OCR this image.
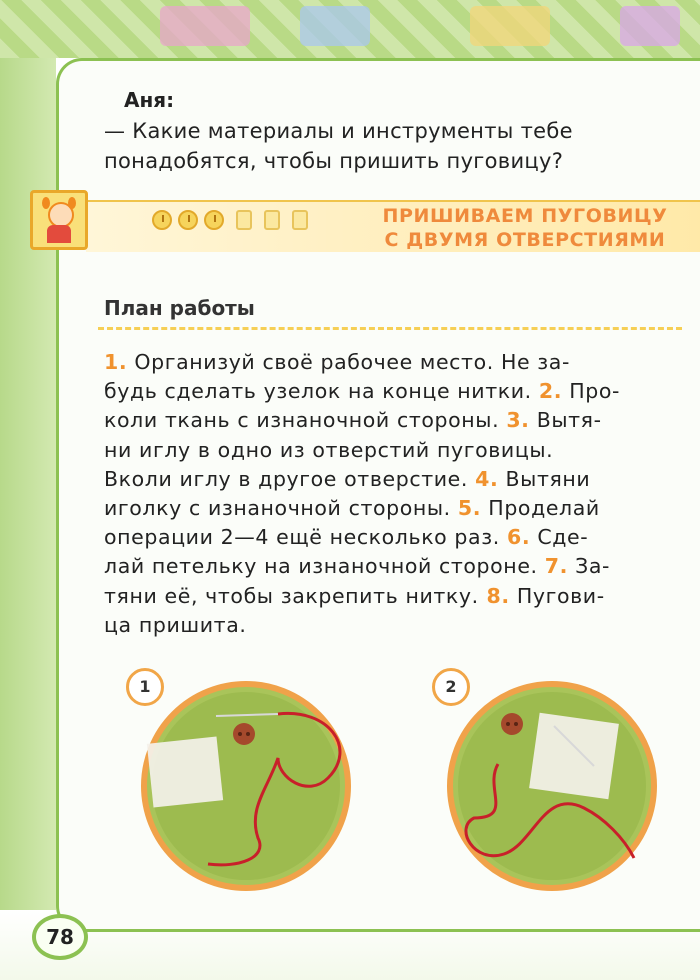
Аня:
— Какие материалы и инструменты тебе
понадобятся, чтобы пришить пуговицу?
ПРИШИВАЕМ ПУГОВИЦУ
С ДВУМЯ ОТВЕРСТИЯМИ
План работы
1. Организуй своё рабочее место. Не за-
будь сделать узелок на конце нитки. 2. Про-
коли ткань с изнаночной стороны. 3. Вытя-
ни иглу в одно из отверстий пуговицы.
Вколи иглу в другое отверстие. 4. Вытяни
иголку с изнаночной стороны. 5. Проделай
операции 2—4 ещё несколько раз. 6. Сде-
лай петельку на изнаночной стороне. 7. За-
тяни её, чтобы закрепить нитку. 8. Пугови-
ца пришита.
1	2
78
